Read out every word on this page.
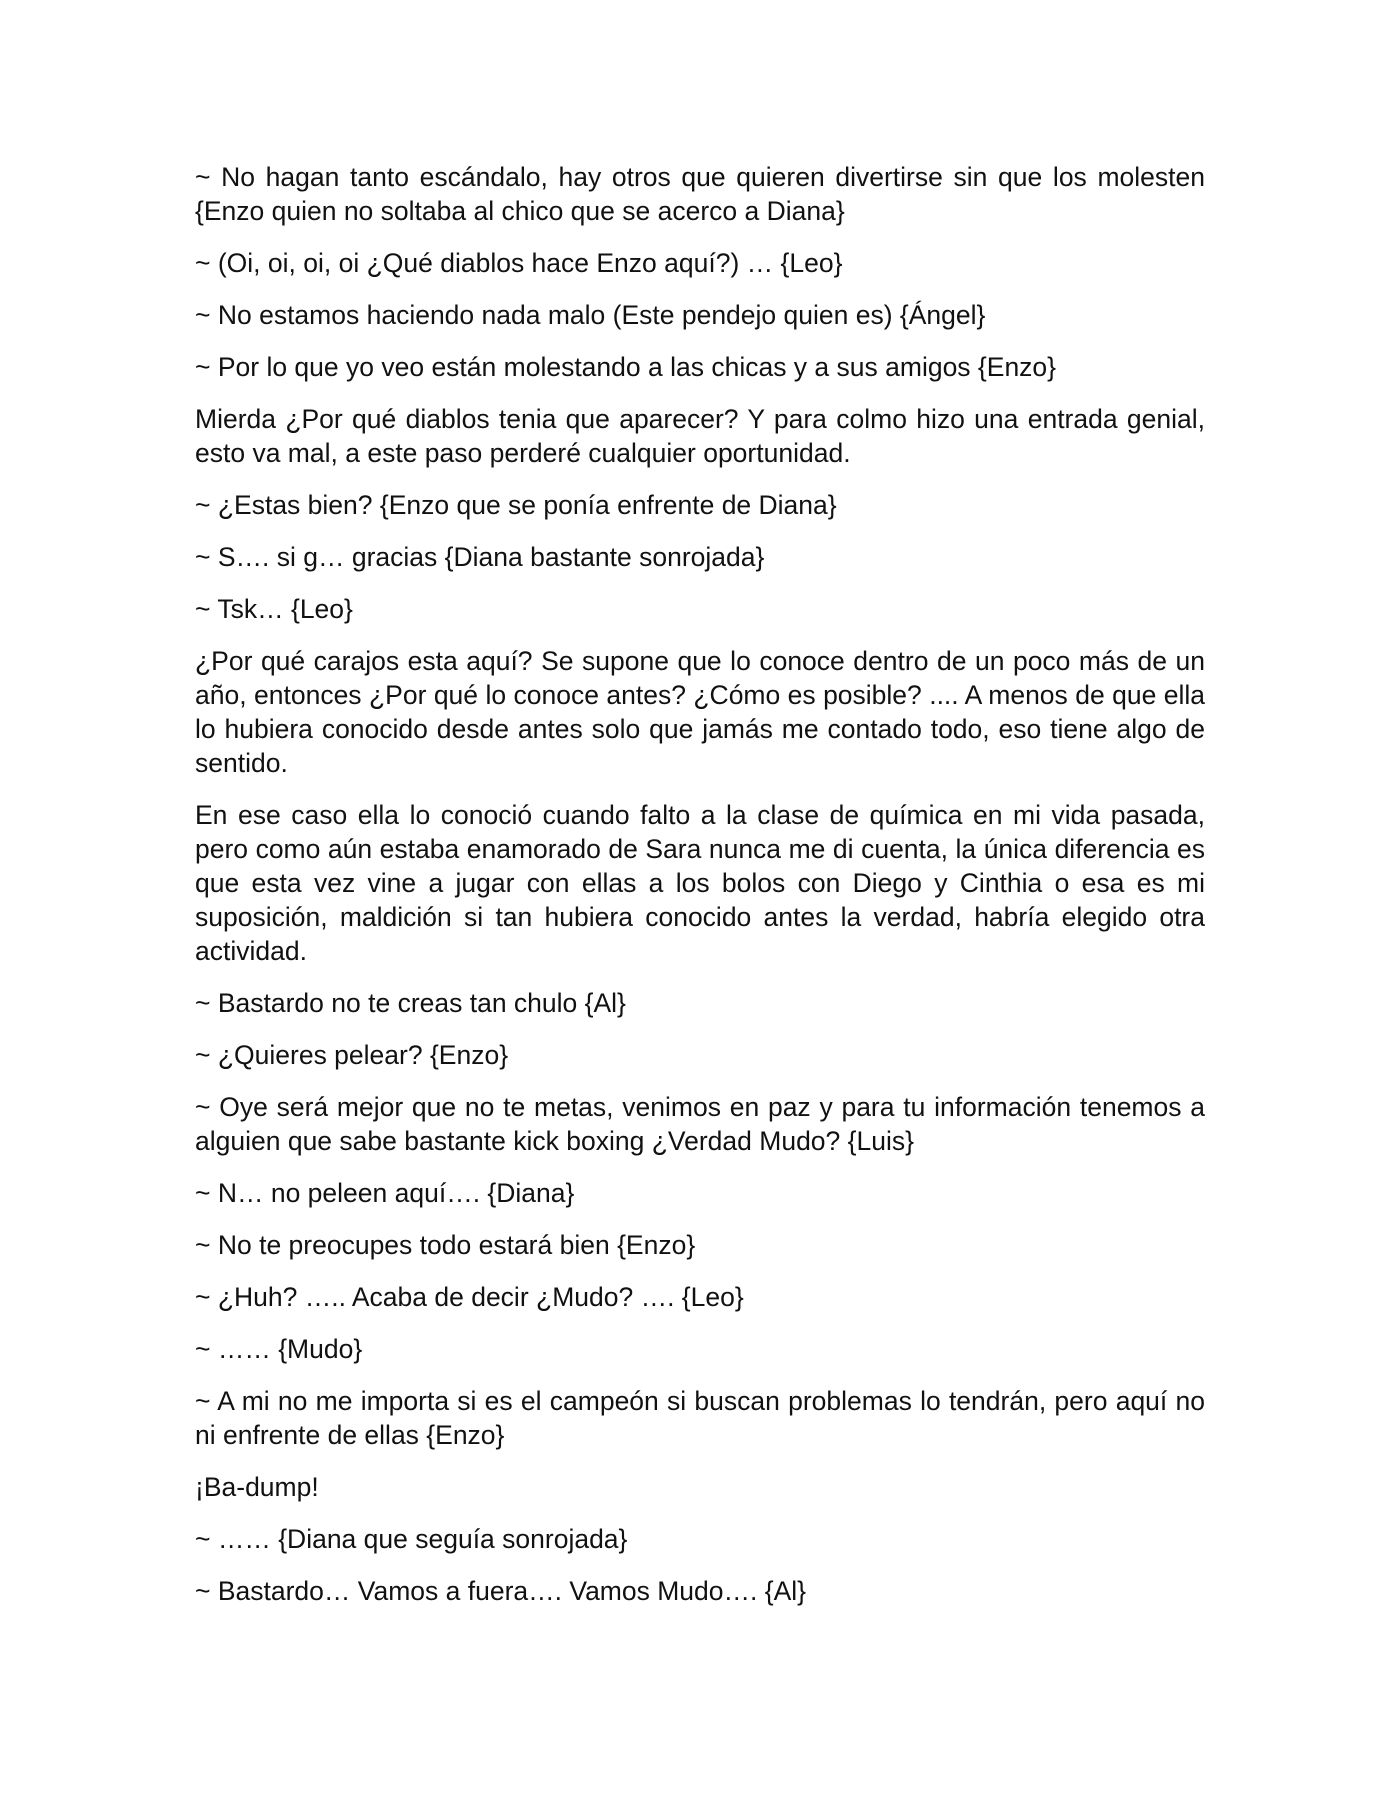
~ No hagan tanto escándalo, hay otros que quieren divertirse sin que los molesten {Enzo quien no soltaba al chico que se acerco a Diana}

~ (Oi, oi, oi, oi ¿Qué diablos hace Enzo aquí?) … {Leo}

~ No estamos haciendo nada malo (Este pendejo quien es) {Ángel}

~ Por lo que yo veo están molestando a las chicas y a sus amigos {Enzo}

Mierda ¿Por qué diablos tenia que aparecer? Y para colmo hizo una entrada genial, esto va mal, a este paso perderé cualquier oportunidad.

~ ¿Estas bien? {Enzo que se ponía enfrente de Diana}

~ S…. si g… gracias {Diana bastante sonrojada}

~ Tsk… {Leo}

¿Por qué carajos esta aquí? Se supone que lo conoce dentro de un poco más de un año, entonces ¿Por qué lo conoce antes? ¿Cómo es posible? .... A menos de que ella lo hubiera conocido desde antes solo que jamás me contado todo, eso tiene algo de sentido.

En ese caso ella lo conoció cuando falto a la clase de química en mi vida pasada, pero como aún estaba enamorado de Sara nunca me di cuenta, la única diferencia es que esta vez vine a jugar con ellas a los bolos con Diego y Cinthia o esa es mi suposición, maldición si tan hubiera conocido antes la verdad, habría elegido otra actividad.

~ Bastardo no te creas tan chulo {Al}

~ ¿Quieres pelear? {Enzo}

~ Oye será mejor que no te metas, venimos en paz y para tu información tenemos a alguien que sabe bastante kick boxing ¿Verdad Mudo? {Luis}

~ N… no peleen aquí…. {Diana}

~ No te preocupes todo estará bien {Enzo}

~ ¿Huh? ….. Acaba de decir ¿Mudo? …. {Leo}

~ …… {Mudo}

~ A mi no me importa si es el campeón si buscan problemas lo tendrán, pero aquí no ni enfrente de ellas {Enzo}

¡Ba-dump!

~ …… {Diana que seguía sonrojada}

~ Bastardo… Vamos a fuera…. Vamos Mudo…. {Al}
